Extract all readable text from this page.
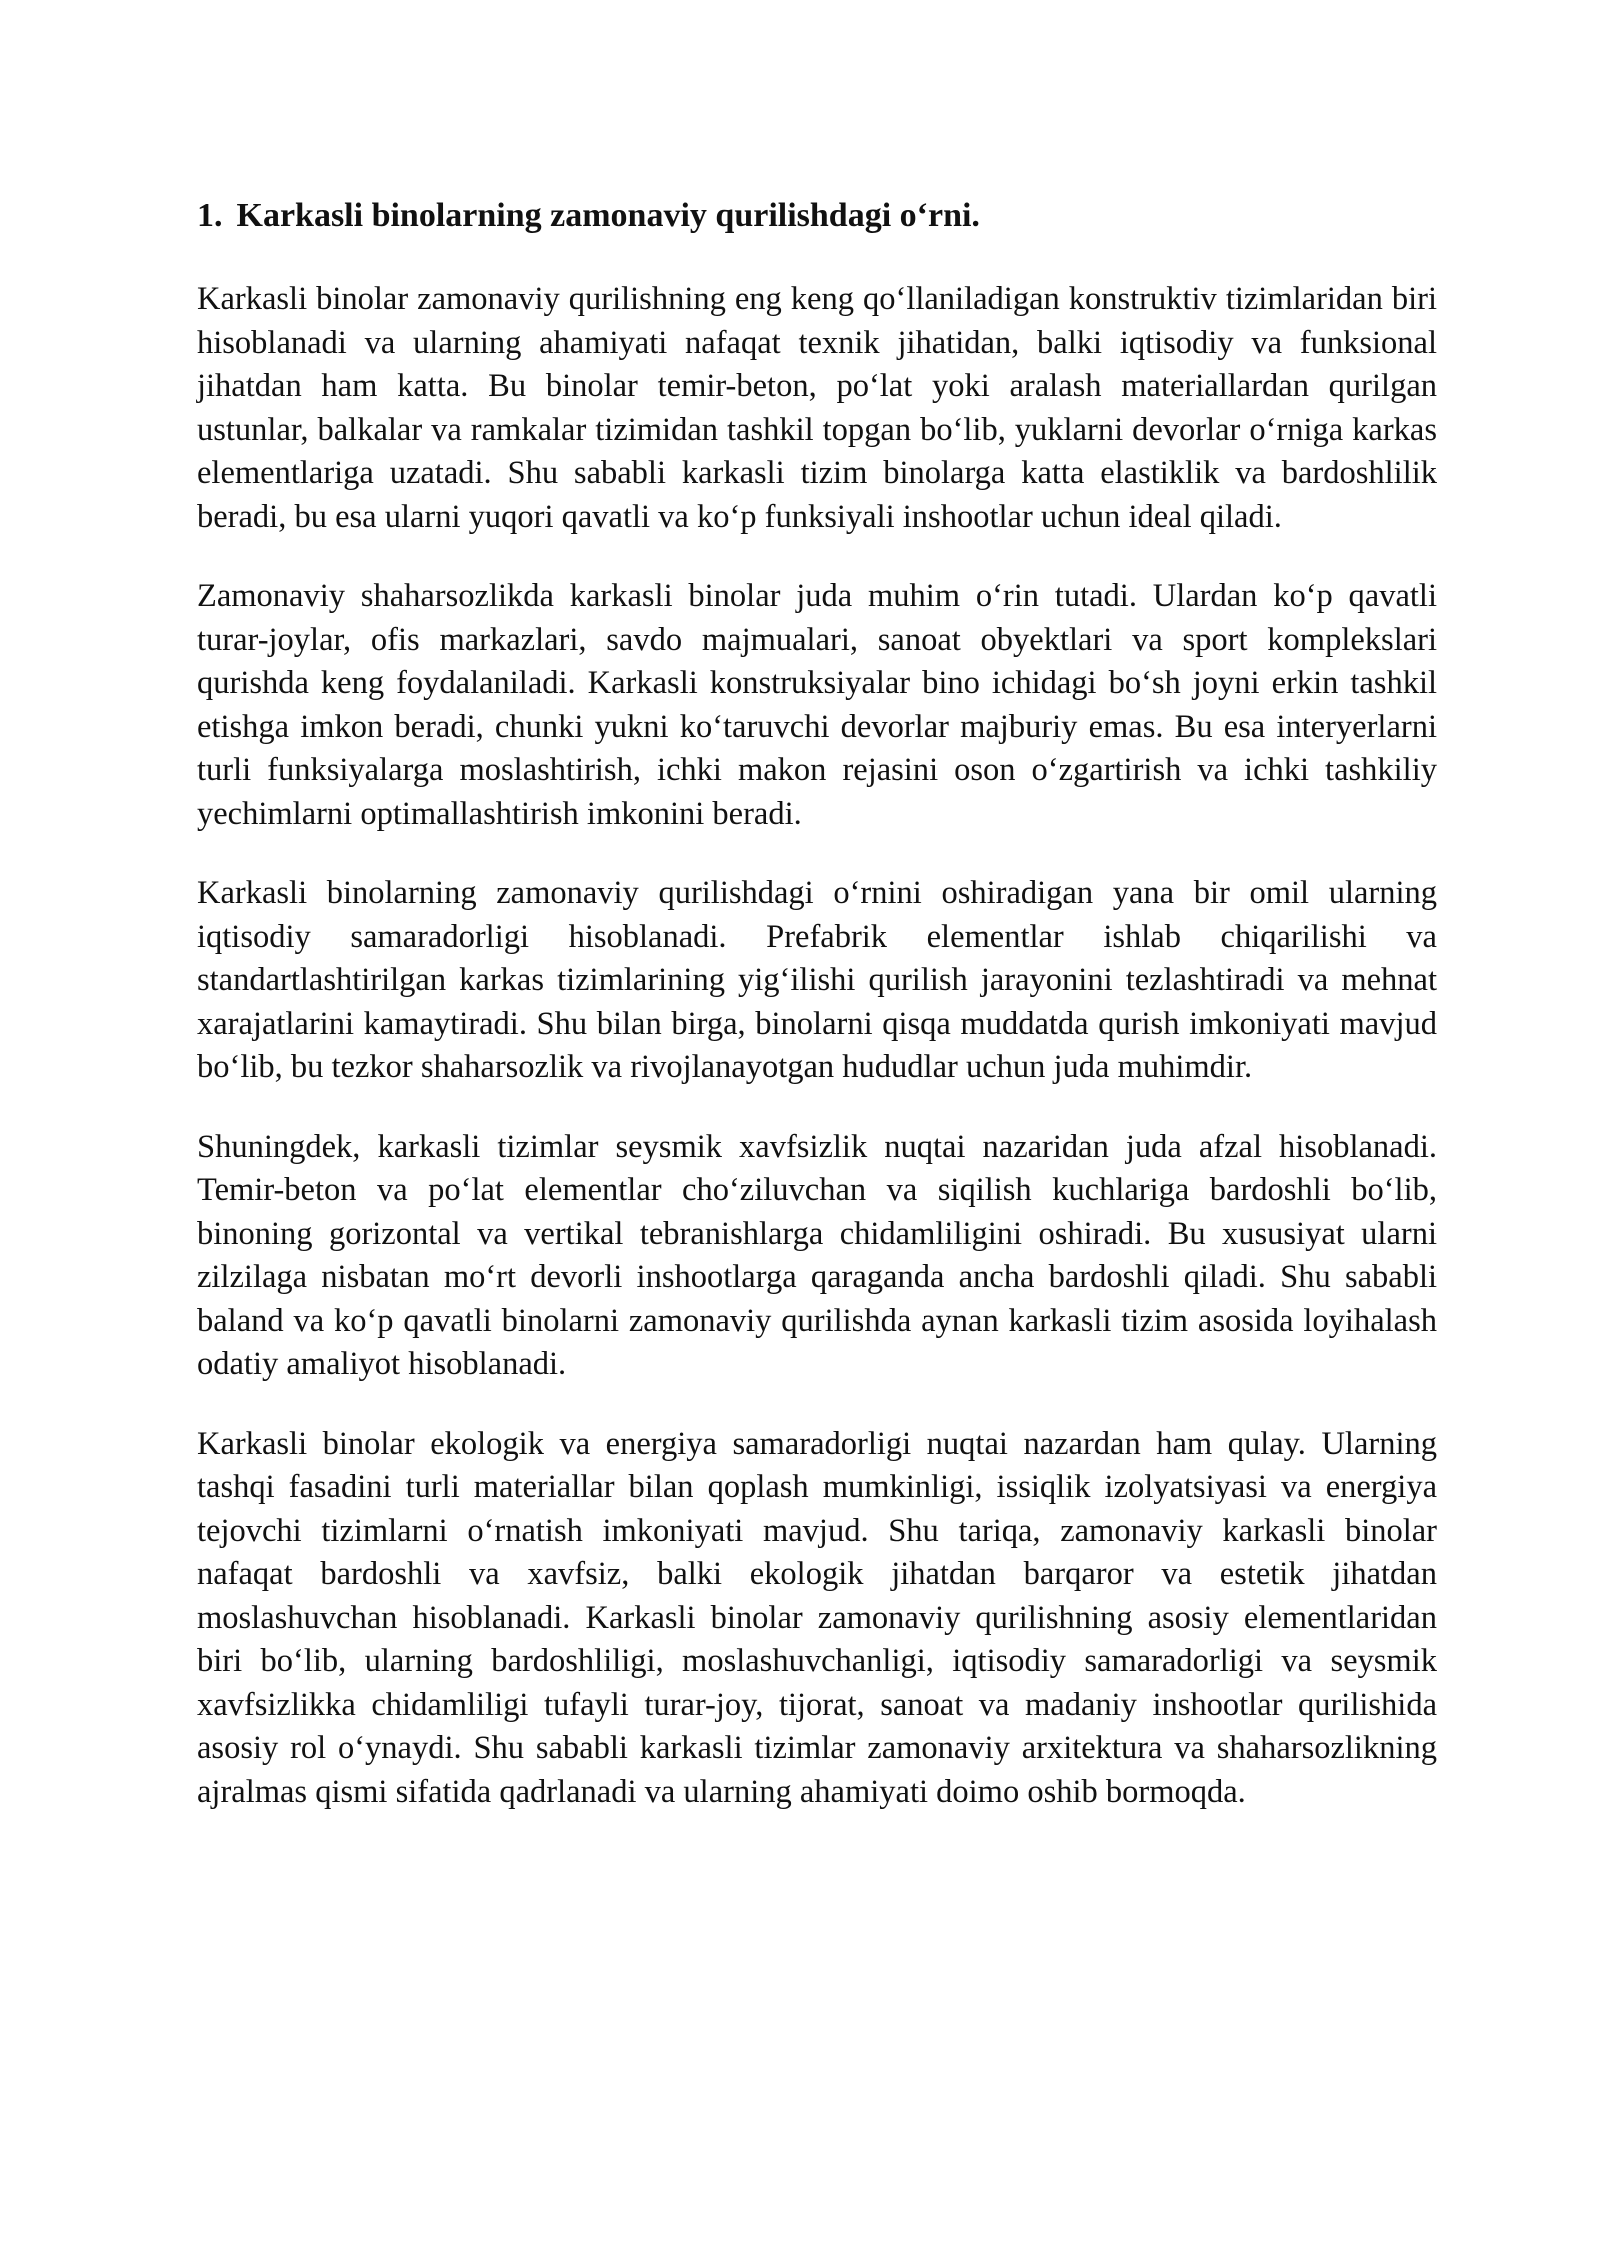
1. Karkasli binolarning zamonaviy qurilishdagi o‘rni.

Karkasli binolar zamonaviy qurilishning eng keng qo‘llaniladigan konstruktiv tizimlaridan biri hisoblanadi va ularning ahamiyati nafaqat texnik jihatidan, balki iqtisodiy va funksional jihatdan ham katta. Bu binolar temir-beton, po‘lat yoki aralash materiallardan qurilgan ustunlar, balkalar va ramkalar tizimidan tashkil topgan bo‘lib, yuklarni devorlar o‘rniga karkas elementlariga uzatadi. Shu sababli karkasli tizim binolarga katta elastiklik va bardoshlilik beradi, bu esa ularni yuqori qavatli va ko‘p funksiyali inshootlar uchun ideal qiladi.

Zamonaviy shaharsozlikda karkasli binolar juda muhim o‘rin tutadi. Ulardan ko‘p qavatli turar-joylar, ofis markazlari, savdo majmualari, sanoat obyektlari va sport komplekslari qurishda keng foydalaniladi. Karkasli konstruksiyalar bino ichidagi bo‘sh joyni erkin tashkil etishga imkon beradi, chunki yukni ko‘taruvchi devorlar majburiy emas. Bu esa interyerlarni turli funksiyalarga moslashtirish, ichki makon rejasini oson o‘zgartirish va ichki tashkiliy yechimlarni optimallashtirish imkonini beradi.

Karkasli binolarning zamonaviy qurilishdagi o‘rnini oshiradigan yana bir omil ularning iqtisodiy samaradorligi hisoblanadi. Prefabrik elementlar ishlab chiqarilishi va standartlashtirilgan karkas tizimlarining yig‘ilishi qurilish jarayonini tezlashtiradi va mehnat xarajatlarini kamaytiradi. Shu bilan birga, binolarni qisqa muddatda qurish imkoniyati mavjud bo‘lib, bu tezkor shaharsozlik va rivojlanayotgan hududlar uchun juda muhimdir.

Shuningdek, karkasli tizimlar seysmik xavfsizlik nuqtai nazaridan juda afzal hisoblanadi. Temir-beton va po‘lat elementlar cho‘ziluvchan va siqilish kuchlariga bardoshli bo‘lib, binoning gorizontal va vertikal tebranishlarga chidamliligini oshiradi. Bu xususiyat ularni zilzilaga nisbatan mo‘rt devorli inshootlarga qaraganda ancha bardoshli qiladi. Shu sababli baland va ko‘p qavatli binolarni zamonaviy qurilishda aynan karkasli tizim asosida loyihalash odatiy amaliyot hisoblanadi.

Karkasli binolar ekologik va energiya samaradorligi nuqtai nazardan ham qulay. Ularning tashqi fasadini turli materiallar bilan qoplash mumkinligi, issiqlik izolyatsiyasi va energiya tejovchi tizimlarni o‘rnatish imkoniyati mavjud. Shu tariqa, zamonaviy karkasli binolar nafaqat bardoshli va xavfsiz, balki ekologik jihatdan barqaror va estetik jihatdan moslashuvchan hisoblanadi. Karkasli binolar zamonaviy qurilishning asosiy elementlaridan biri bo‘lib, ularning bardoshliligi, moslashuvchanligi, iqtisodiy samaradorligi va seysmik xavfsizlikka chidamliligi tufayli turar-joy, tijorat, sanoat va madaniy inshootlar qurilishida asosiy rol o‘ynaydi. Shu sababli karkasli tizimlar zamonaviy arxitektura va shaharsozlikning ajralmas qismi sifatida qadrlanadi va ularning ahamiyati doimo oshib bormoqda.
